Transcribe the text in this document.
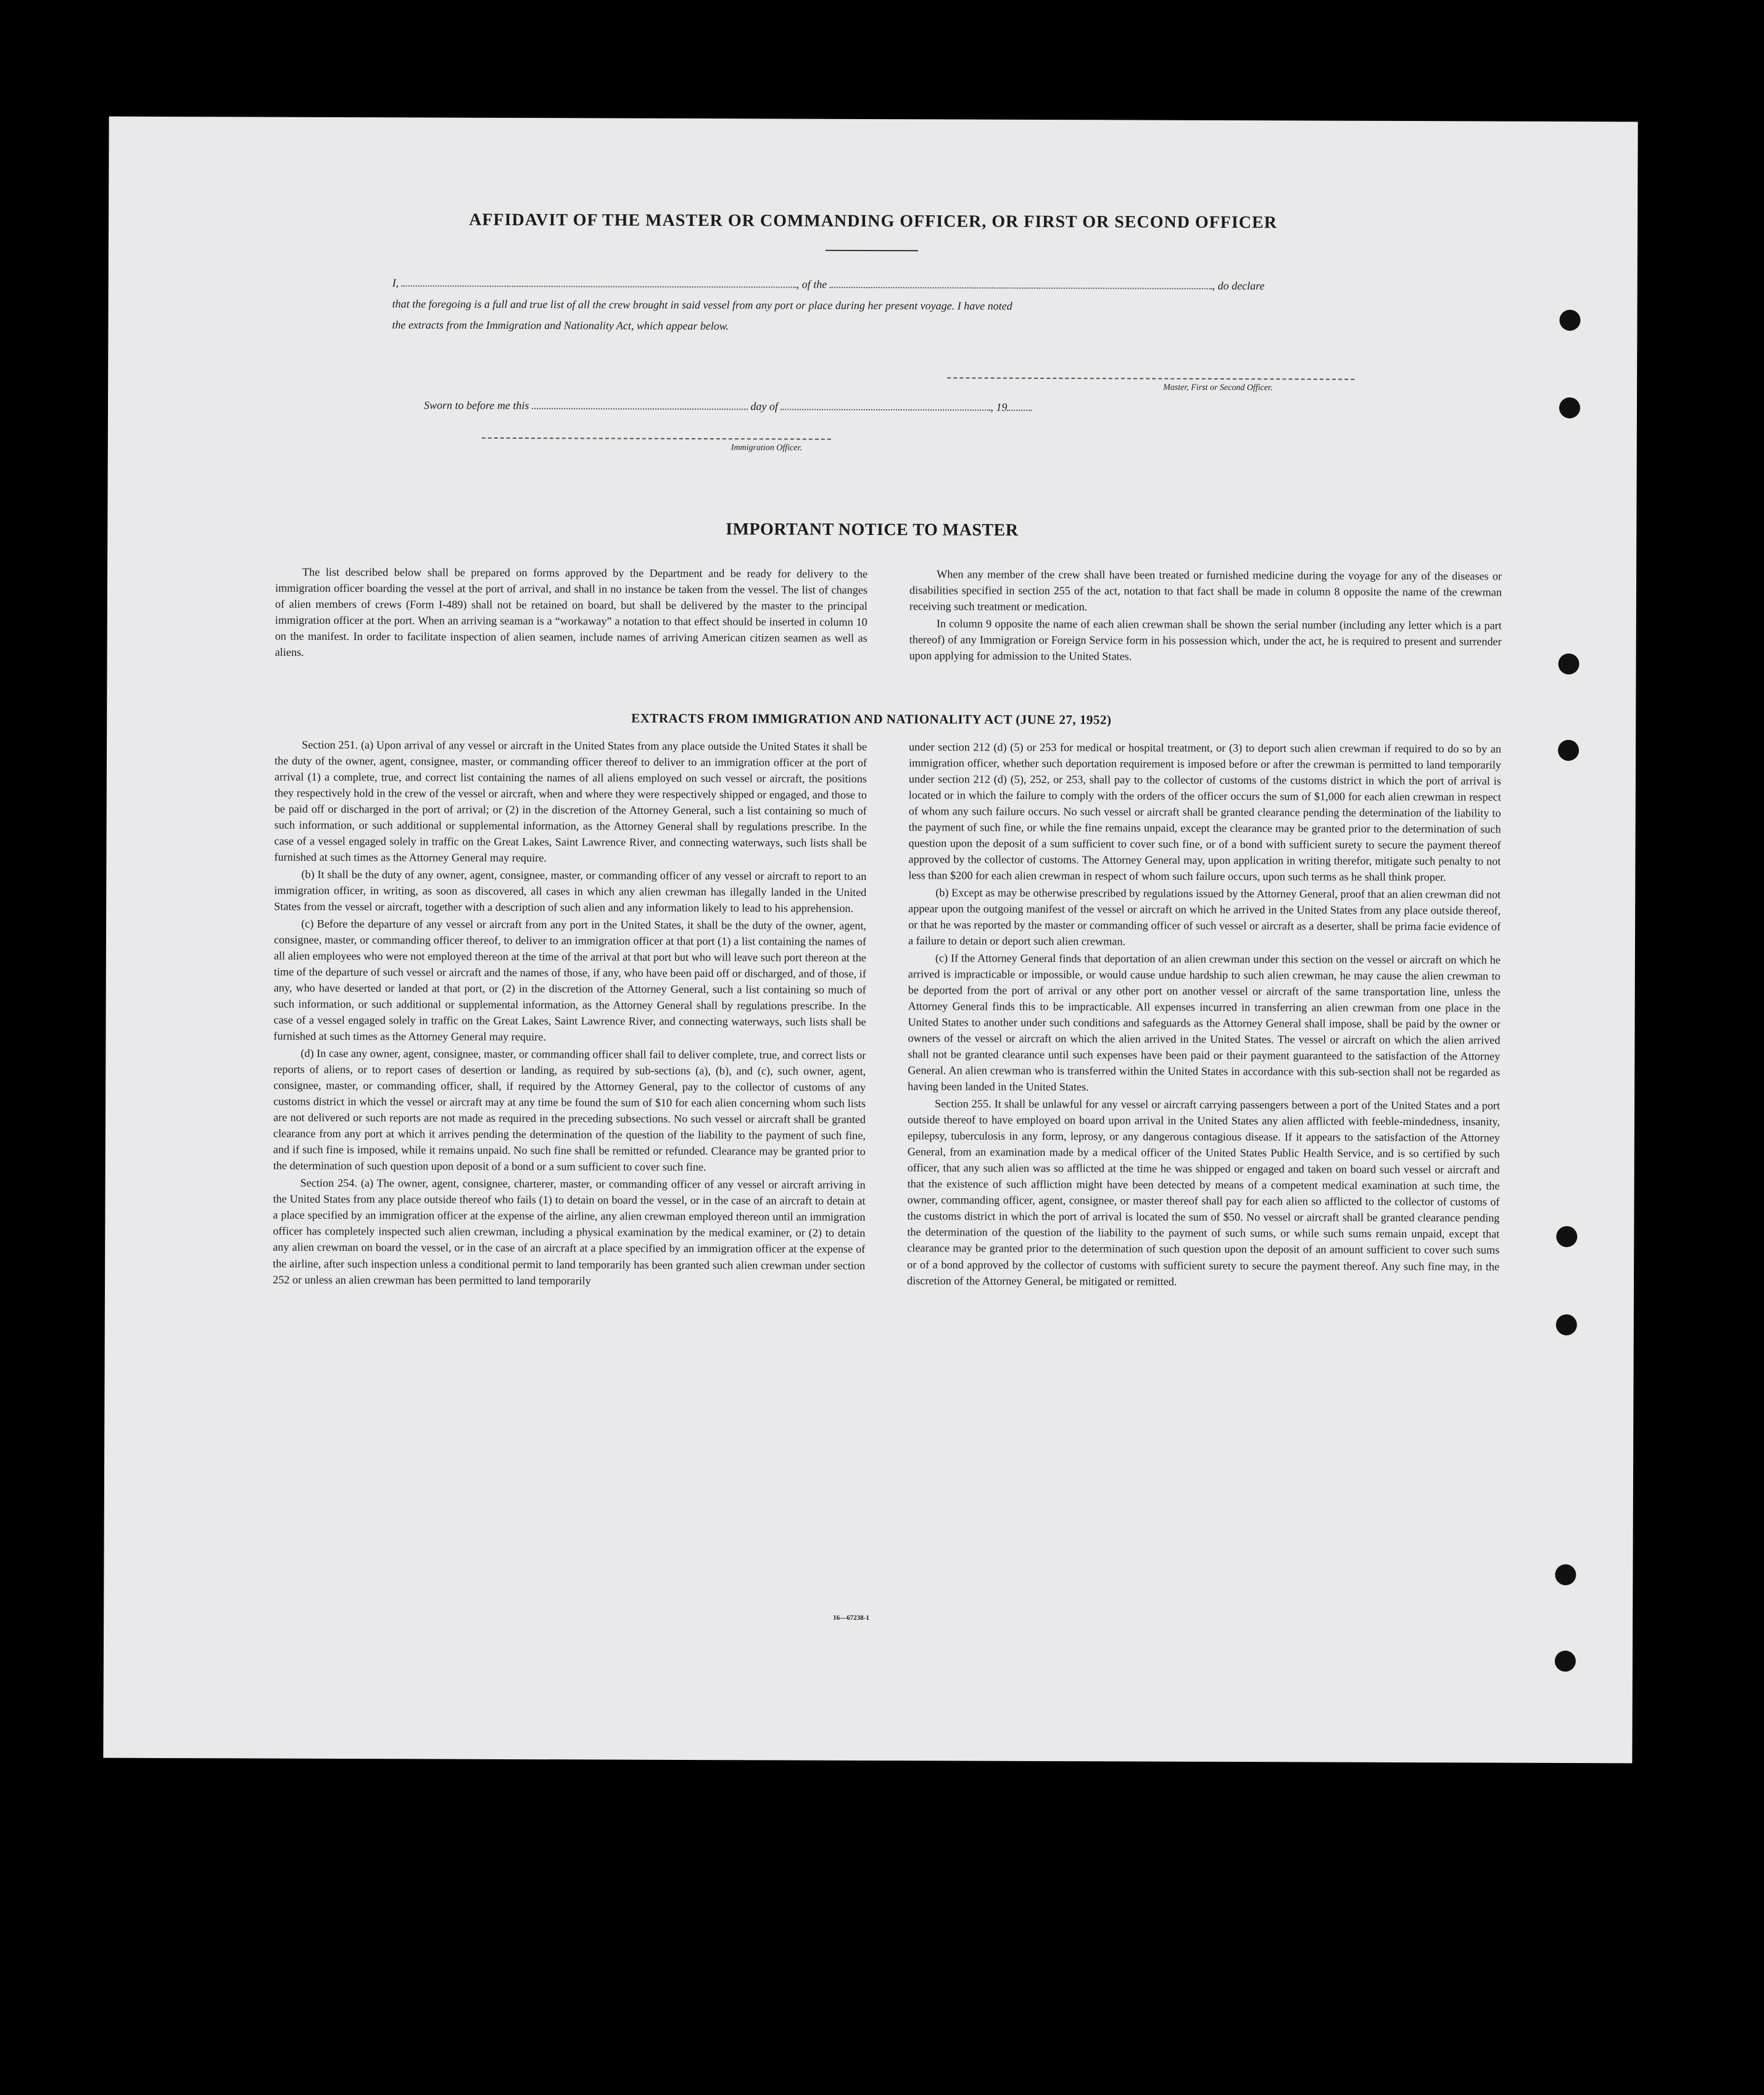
AFFIDAVIT OF THE MASTER OR COMMANDING OFFICER, OR FIRST OR SECOND OFFICER
I,	, of the	, do declare
that the foregoing is a full and true list of all the crew brought in said vessel from any port or place during her present voyage. I have noted
the extracts from the Immigration and Nationality Act, which appear below.
Master, First or Second Officer.
Sworn to before me this	day of	, 19
Immigration Officer.
IMPORTANT NOTICE TO MASTER

The list described below shall be prepared on forms approved by the Department and be ready for delivery to the immigration officer boarding the vessel at the port of arrival, and shall in no instance be taken from the vessel. The list of changes of alien members of crews (Form I-489) shall not be retained on board, but shall be delivered by the master to the principal immigration officer at the port. When an arriving seaman is a “workaway” a notation to that effect should be inserted in column 10 on the manifest. In order to facilitate inspection of alien seamen, include names of arriving American citizen seamen as well as aliens.

When any member of the crew shall have been treated or furnished medicine during the voyage for any of the diseases or disabilities specified in section 255 of the act, notation to that fact shall be made in column 8 opposite the name of the crewman receiving such treatment or medication.

In column 9 opposite the name of each alien crewman shall be shown the serial number (including any letter which is a part thereof) of any Immigration or Foreign Service form in his possession which, under the act, he is required to present and surrender upon applying for admission to the United States.

EXTRACTS FROM IMMIGRATION AND NATIONALITY ACT (JUNE 27, 1952)

Section 251. (a) Upon arrival of any vessel or aircraft in the United States from any place outside the United States it shall be the duty of the owner, agent, consignee, master, or commanding officer thereof to deliver to an immigration officer at the port of arrival (1) a complete, true, and correct list containing the names of all aliens employed on such vessel or aircraft, the positions they respectively hold in the crew of the vessel or aircraft, when and where they were respectively shipped or engaged, and those to be paid off or discharged in the port of arrival; or (2) in the discretion of the Attorney General, such a list containing so much of such information, or such additional or supplemental information, as the Attorney General shall by regulations prescribe. In the case of a vessel engaged solely in traffic on the Great Lakes, Saint Lawrence River, and connecting waterways, such lists shall be furnished at such times as the Attorney General may require.

(b) It shall be the duty of any owner, agent, consignee, master, or commanding officer of any vessel or aircraft to report to an immigration officer, in writing, as soon as discovered, all cases in which any alien crewman has illegally landed in the United States from the vessel or aircraft, together with a description of such alien and any information likely to lead to his apprehension.

(c) Before the departure of any vessel or aircraft from any port in the United States, it shall be the duty of the owner, agent, consignee, master, or commanding officer thereof, to deliver to an immigration officer at that port (1) a list containing the names of all alien employees who were not employed thereon at the time of the arrival at that port but who will leave such port thereon at the time of the departure of such vessel or aircraft and the names of those, if any, who have been paid off or discharged, and of those, if any, who have deserted or landed at that port, or (2) in the discretion of the Attorney General, such a list containing so much of such information, or such additional or supplemental information, as the Attorney General shall by regulations prescribe. In the case of a vessel engaged solely in traffic on the Great Lakes, Saint Lawrence River, and connecting waterways, such lists shall be furnished at such times as the Attorney General may require.

(d) In case any owner, agent, consignee, master, or commanding officer shall fail to deliver complete, true, and correct lists or reports of aliens, or to report cases of desertion or landing, as required by sub-sections (a), (b), and (c), such owner, agent, consignee, master, or commanding officer, shall, if required by the Attorney General, pay to the collector of customs of any customs district in which the vessel or aircraft may at any time be found the sum of $10 for each alien concerning whom such lists are not delivered or such reports are not made as required in the preceding subsections. No such vessel or aircraft shall be granted clearance from any port at which it arrives pending the determination of the question of the liability to the payment of such fine, and if such fine is imposed, while it remains unpaid. No such fine shall be remitted or refunded. Clearance may be granted prior to the determination of such question upon deposit of a bond or a sum sufficient to cover such fine.

Section 254. (a) The owner, agent, consignee, charterer, master, or commanding officer of any vessel or aircraft arriving in the United States from any place outside thereof who fails (1) to detain on board the vessel, or in the case of an aircraft to detain at a place specified by an immigration officer at the expense of the airline, any alien crewman employed thereon until an immigration officer has completely inspected such alien crewman, including a physical examination by the medical examiner, or (2) to detain any alien crewman on board the vessel, or in the case of an aircraft at a place specified by an immigration officer at the expense of the airline, after such inspection unless a conditional permit to land temporarily has been granted such alien crewman under section 252 or unless an alien crewman has been permitted to land temporarily

under section 212 (d) (5) or 253 for medical or hospital treatment, or (3) to deport such alien crewman if required to do so by an immigration officer, whether such deportation requirement is imposed before or after the crewman is permitted to land temporarily under section 212 (d) (5), 252, or 253, shall pay to the collector of customs of the customs district in which the port of arrival is located or in which the failure to comply with the orders of the officer occurs the sum of $1,000 for each alien crewman in respect of whom any such failure occurs. No such vessel or aircraft shall be granted clearance pending the determination of the liability to the payment of such fine, or while the fine remains unpaid, except the clearance may be granted prior to the determination of such question upon the deposit of a sum sufficient to cover such fine, or of a bond with sufficient surety to secure the payment thereof approved by the collector of customs. The Attorney General may, upon application in writing therefor, mitigate such penalty to not less than $200 for each alien crewman in respect of whom such failure occurs, upon such terms as he shall think proper.

(b) Except as may be otherwise prescribed by regulations issued by the Attorney General, proof that an alien crewman did not appear upon the outgoing manifest of the vessel or aircraft on which he arrived in the United States from any place outside thereof, or that he was reported by the master or commanding officer of such vessel or aircraft as a deserter, shall be prima facie evidence of a failure to detain or deport such alien crewman.

(c) If the Attorney General finds that deportation of an alien crewman under this section on the vessel or aircraft on which he arrived is impracticable or impossible, or would cause undue hardship to such alien crewman, he may cause the alien crewman to be deported from the port of arrival or any other port on another vessel or aircraft of the same transportation line, unless the Attorney General finds this to be impracticable. All expenses incurred in transferring an alien crewman from one place in the United States to another under such conditions and safeguards as the Attorney General shall impose, shall be paid by the owner or owners of the vessel or aircraft on which the alien arrived in the United States. The vessel or aircraft on which the alien arrived shall not be granted clearance until such expenses have been paid or their payment guaranteed to the satisfaction of the Attorney General. An alien crewman who is transferred within the United States in accordance with this sub-section shall not be regarded as having been landed in the United States.

Section 255. It shall be unlawful for any vessel or aircraft carrying passengers between a port of the United States and a port outside thereof to have employed on board upon arrival in the United States any alien afflicted with feeble-mindedness, insanity, epilepsy, tuberculosis in any form, leprosy, or any dangerous contagious disease. If it appears to the satisfaction of the Attorney General, from an examination made by a medical officer of the United States Public Health Service, and is so certified by such officer, that any such alien was so afflicted at the time he was shipped or engaged and taken on board such vessel or aircraft and that the existence of such affliction might have been detected by means of a competent medical examination at such time, the owner, commanding officer, agent, consignee, or master thereof shall pay for each alien so afflicted to the collector of customs of the customs district in which the port of arrival is located the sum of $50. No vessel or aircraft shall be granted clearance pending the determination of the question of the liability to the payment of such sums, or while such sums remain unpaid, except that clearance may be granted prior to the determination of such question upon the deposit of an amount sufficient to cover such sums or of a bond approved by the collector of customs with sufficient surety to secure the payment thereof. Any such fine may, in the discretion of the Attorney General, be mitigated or remitted.

16—67238-1
